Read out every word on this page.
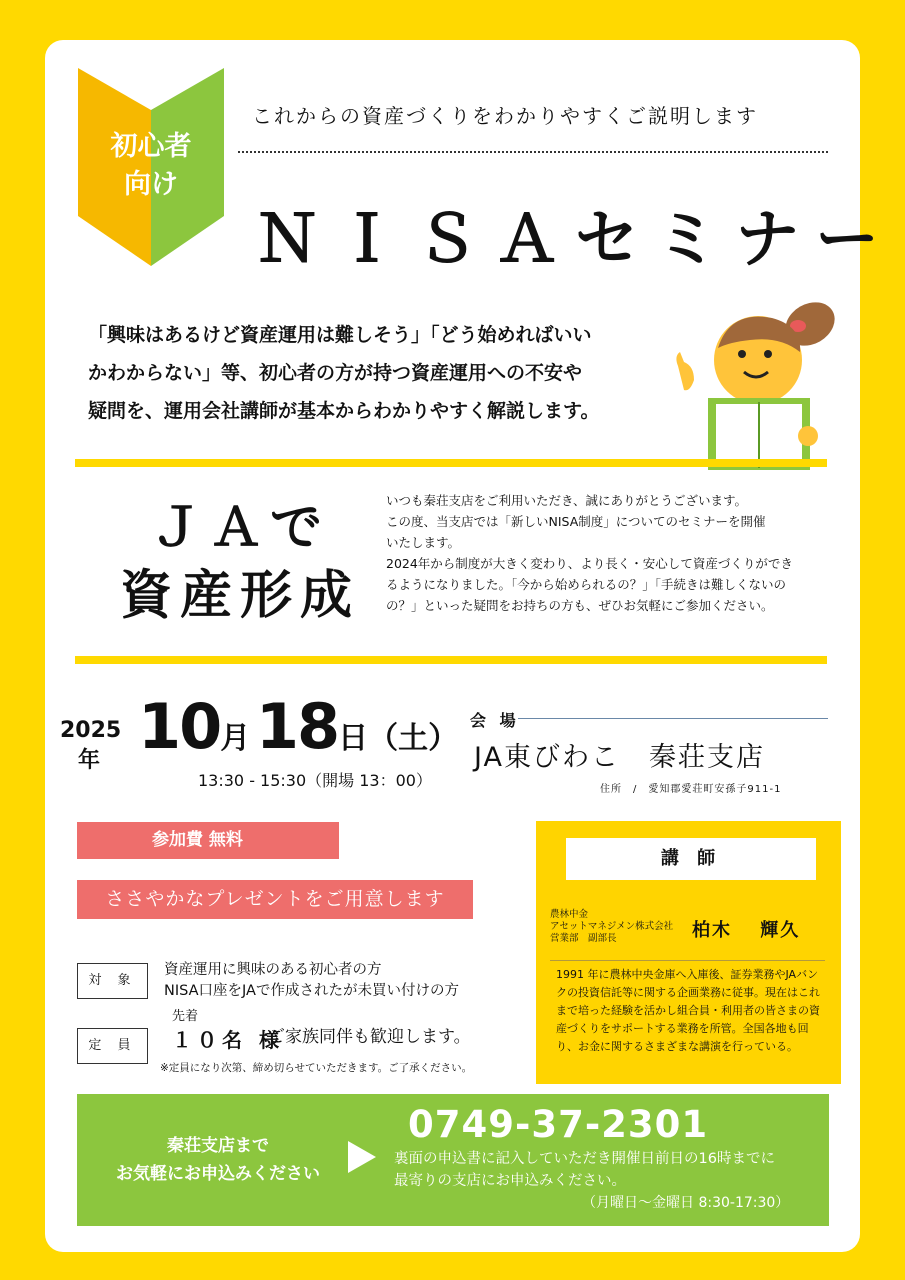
初心者
向け
これからの資産づくりをわかりやすくご説明します
ＮＩＳＡセミナー

「興味はあるけど資産運用は難しそう」「どう始めればいい

かわからない」等、初心者の方が持つ資産運用への不安や

疑問を、運用会社講師が基本からわかりやすく解説します。

ＪＡで
資産形成

いつも秦荘支店をご利用いただき、誠にありがとうございます。

この度、当支店では「新しいNISA制度」についてのセミナーを開催

いたします。

2024年から制度が大きく変わり、より長く・安心して資産づくりができ

るようになりました。「今から始められるの？」「手続きは難しくないの

の？」といった疑問をお持ちの方も、ぜひお気軽にご参加ください。

2025
年 10月 18日（土）
13:30 - 15:30（開場 13：00）
会 場
JA東びわこ　秦荘支店
住所　/　愛知郡愛荘町安孫子911-1
参加費 無料
ささやかなプレゼントをご用意します
対 象

資産運用に興味のある初心者の方

NISA口座をJAで作成されたが未買い付けの方

定 員
先着
１０名 様
ご家族同伴も歓迎します。
※定員になり次第、締め切らせていただきます。ご了承ください。
講 師

農林中金

アセットマネジメン株式会社

営業部　副部長	柏木　 輝久
1991 年に農林中央金庫へ入庫後、証券業務やJAバンクの投資信託等に関する企画業務に従事。現在はこれまで培った経験を活かし組合員・利用者の皆さまの資産づくりをサポートする業務を所管。全国各地も回り、お金に関するさまざまな講演を行っている。

秦荘支店まで

お気軽にお申込みください

0749-37-2301

裏面の申込書に記入していただき開催日前日の16時までに

最寄りの支店にお申込みください。

（月曜日～金曜日 8:30-17:30）
